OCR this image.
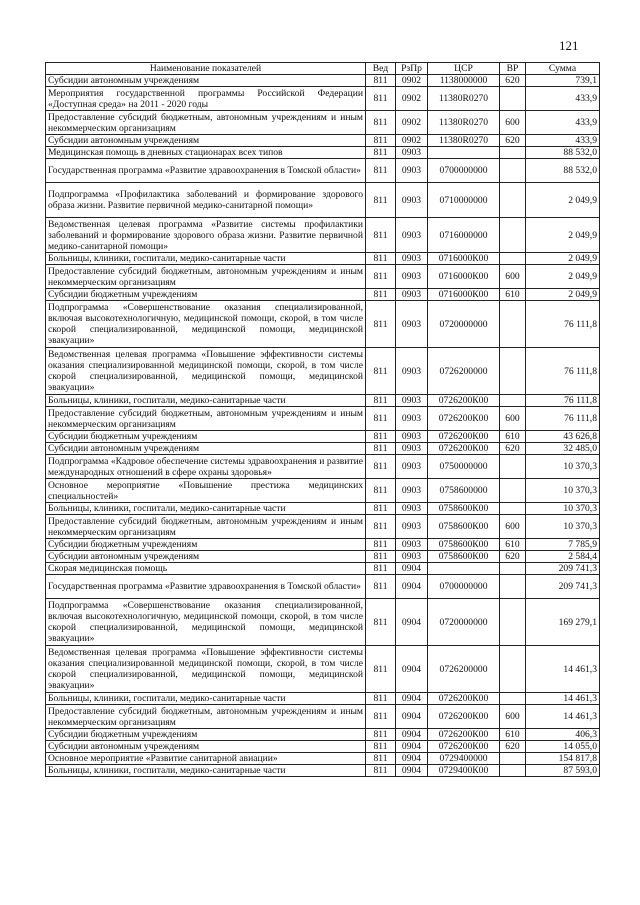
121
Наименование показателей	Вед	РзПр	ЦСР	ВР	Сумма
Субсидии автономным учреждениям	811	0902	1138000000	620	739,1
Мероприятия государственной программы Российской Федерации «Доступная среда» на 2011 - 2020 годы	811	0902	11380R0270		433,9
Предоставление субсидий бюджетным, автономным учреждениям и иным некоммерческим организациям	811	0902	11380R0270	600	433,9
Субсидии автономным учреждениям	811	0902	11380R0270	620	433,9
Медицинская помощь в дневных стационарах всех типов	811	0903			88 532,0
Государственная программа «Развитие здравоохранения в Томской области»	811	0903	0700000000		88 532,0
Подпрограмма «Профилактика заболеваний и формирование здорового образа жизни. Развитие первичной медико-санитарной помощи»	811	0903	0710000000		2 049,9
Ведомственная целевая программа «Развитие системы профилактики заболеваний и формирование здорового образа жизни. Развитие первичной медико-санитарной помощи»	811	0903	0716000000		2 049,9
Больницы, клиники, госпитали, медико-санитарные части	811	0903	0716000К00		2 049,9
Предоставление субсидий бюджетным, автономным учреждениям и иным некоммерческим организациям	811	0903	0716000К00	600	2 049,9
Субсидии бюджетным учреждениям	811	0903	0716000К00	610	2 049,9
Подпрограмма «Совершенствование оказания специализированной, включая высокотехнологичную, медицинской помощи, скорой, в том числе скорой специализированной, медицинской помощи, медицинской эвакуации»	811	0903	0720000000		76 111,8
Ведомственная целевая программа «Повышение эффективности системы оказания специализированной медицинской помощи, скорой, в том числе скорой специализированной, медицинской помощи, медицинской эвакуации»	811	0903	0726200000		76 111,8
Больницы, клиники, госпитали, медико-санитарные части	811	0903	0726200К00		76 111,8
Предоставление субсидий бюджетным, автономным учреждениям и иным некоммерческим организациям	811	0903	0726200К00	600	76 111,8
Субсидии бюджетным учреждениям	811	0903	0726200К00	610	43 626,8
Субсидии автономным учреждениям	811	0903	0726200К00	620	32 485,0
Подпрограмма «Кадровое обеспечение системы здравоохранения и развитие международных отношений в сфере охраны здоровья»	811	0903	0750000000		10 370,3
Основное мероприятие «Повышение престижа медицинских специальностей»	811	0903	0758600000		10 370,3
Больницы, клиники, госпитали, медико-санитарные части	811	0903	0758600К00		10 370,3
Предоставление субсидий бюджетным, автономным учреждениям и иным некоммерческим организациям	811	0903	0758600К00	600	10 370,3
Субсидии бюджетным учреждениям	811	0903	0758600К00	610	7 785,9
Субсидии автономным учреждениям	811	0903	0758600К00	620	2 584,4
Скорая медицинская помощь	811	0904			209 741,3
Государственная программа «Развитие здравоохранения в Томской области»	811	0904	0700000000		209 741,3
Подпрограмма «Совершенствование оказания специализированной, включая высокотехнологичную, медицинской помощи, скорой, в том числе скорой специализированной, медицинской помощи, медицинской эвакуации»	811	0904	0720000000		169 279,1
Ведомственная целевая программа «Повышение эффективности системы оказания специализированной медицинской помощи, скорой, в том числе скорой специализированной, медицинской помощи, медицинской эвакуации»	811	0904	0726200000		14 461,3
Больницы, клиники, госпитали, медико-санитарные части	811	0904	0726200К00		14 461,3
Предоставление субсидий бюджетным, автономным учреждениям и иным некоммерческим организациям	811	0904	0726200К00	600	14 461,3
Субсидии бюджетным учреждениям	811	0904	0726200К00	610	406,3
Субсидии автономным учреждениям	811	0904	0726200К00	620	14 055,0
Основное мероприятие «Развитие санитарной авиации»	811	0904	0729400000		154 817,8
Больницы, клиники, госпитали, медико-санитарные части	811	0904	0729400К00		87 593,0
